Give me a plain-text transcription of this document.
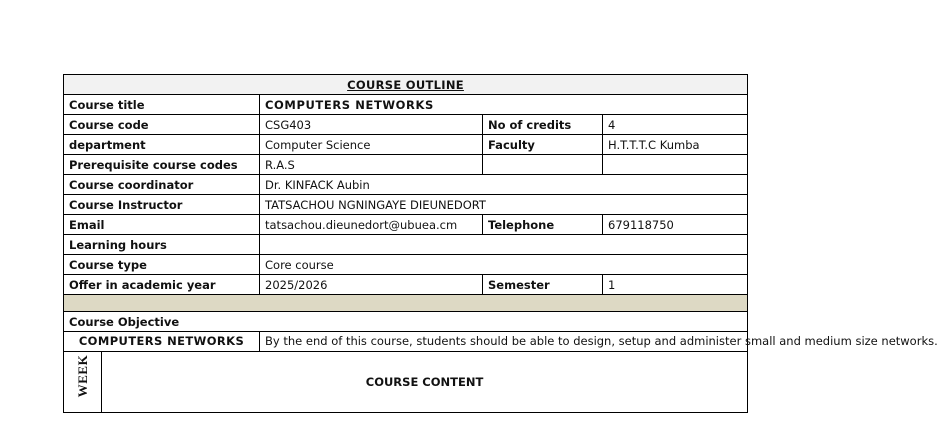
COURSE OUTLINE				
Course title		COMPUTERS NETWORKS		
Course code		CSG403	No of credits	4
department		Computer Science	Faculty	H.T.T.T.C Kumba
Prerequisite course codes		R.A.S		
Course coordinator		Dr. KINFACK Aubin		
Course Instructor		TATSACHOU NGNINGAYE DIEUNEDORT		
Email		tatsachou.dieunedort@ubuea.cm	Telephone	679118750
Learning hours				
Course type		Core course		
Offer in academic year		2025/2026	Semester	1

Course Objective				
COMPUTERS NETWORKS		By the end of this course, students should be able to design, setup and administer small and medium size networks.		

WEEK	COURSE CONTENT			
